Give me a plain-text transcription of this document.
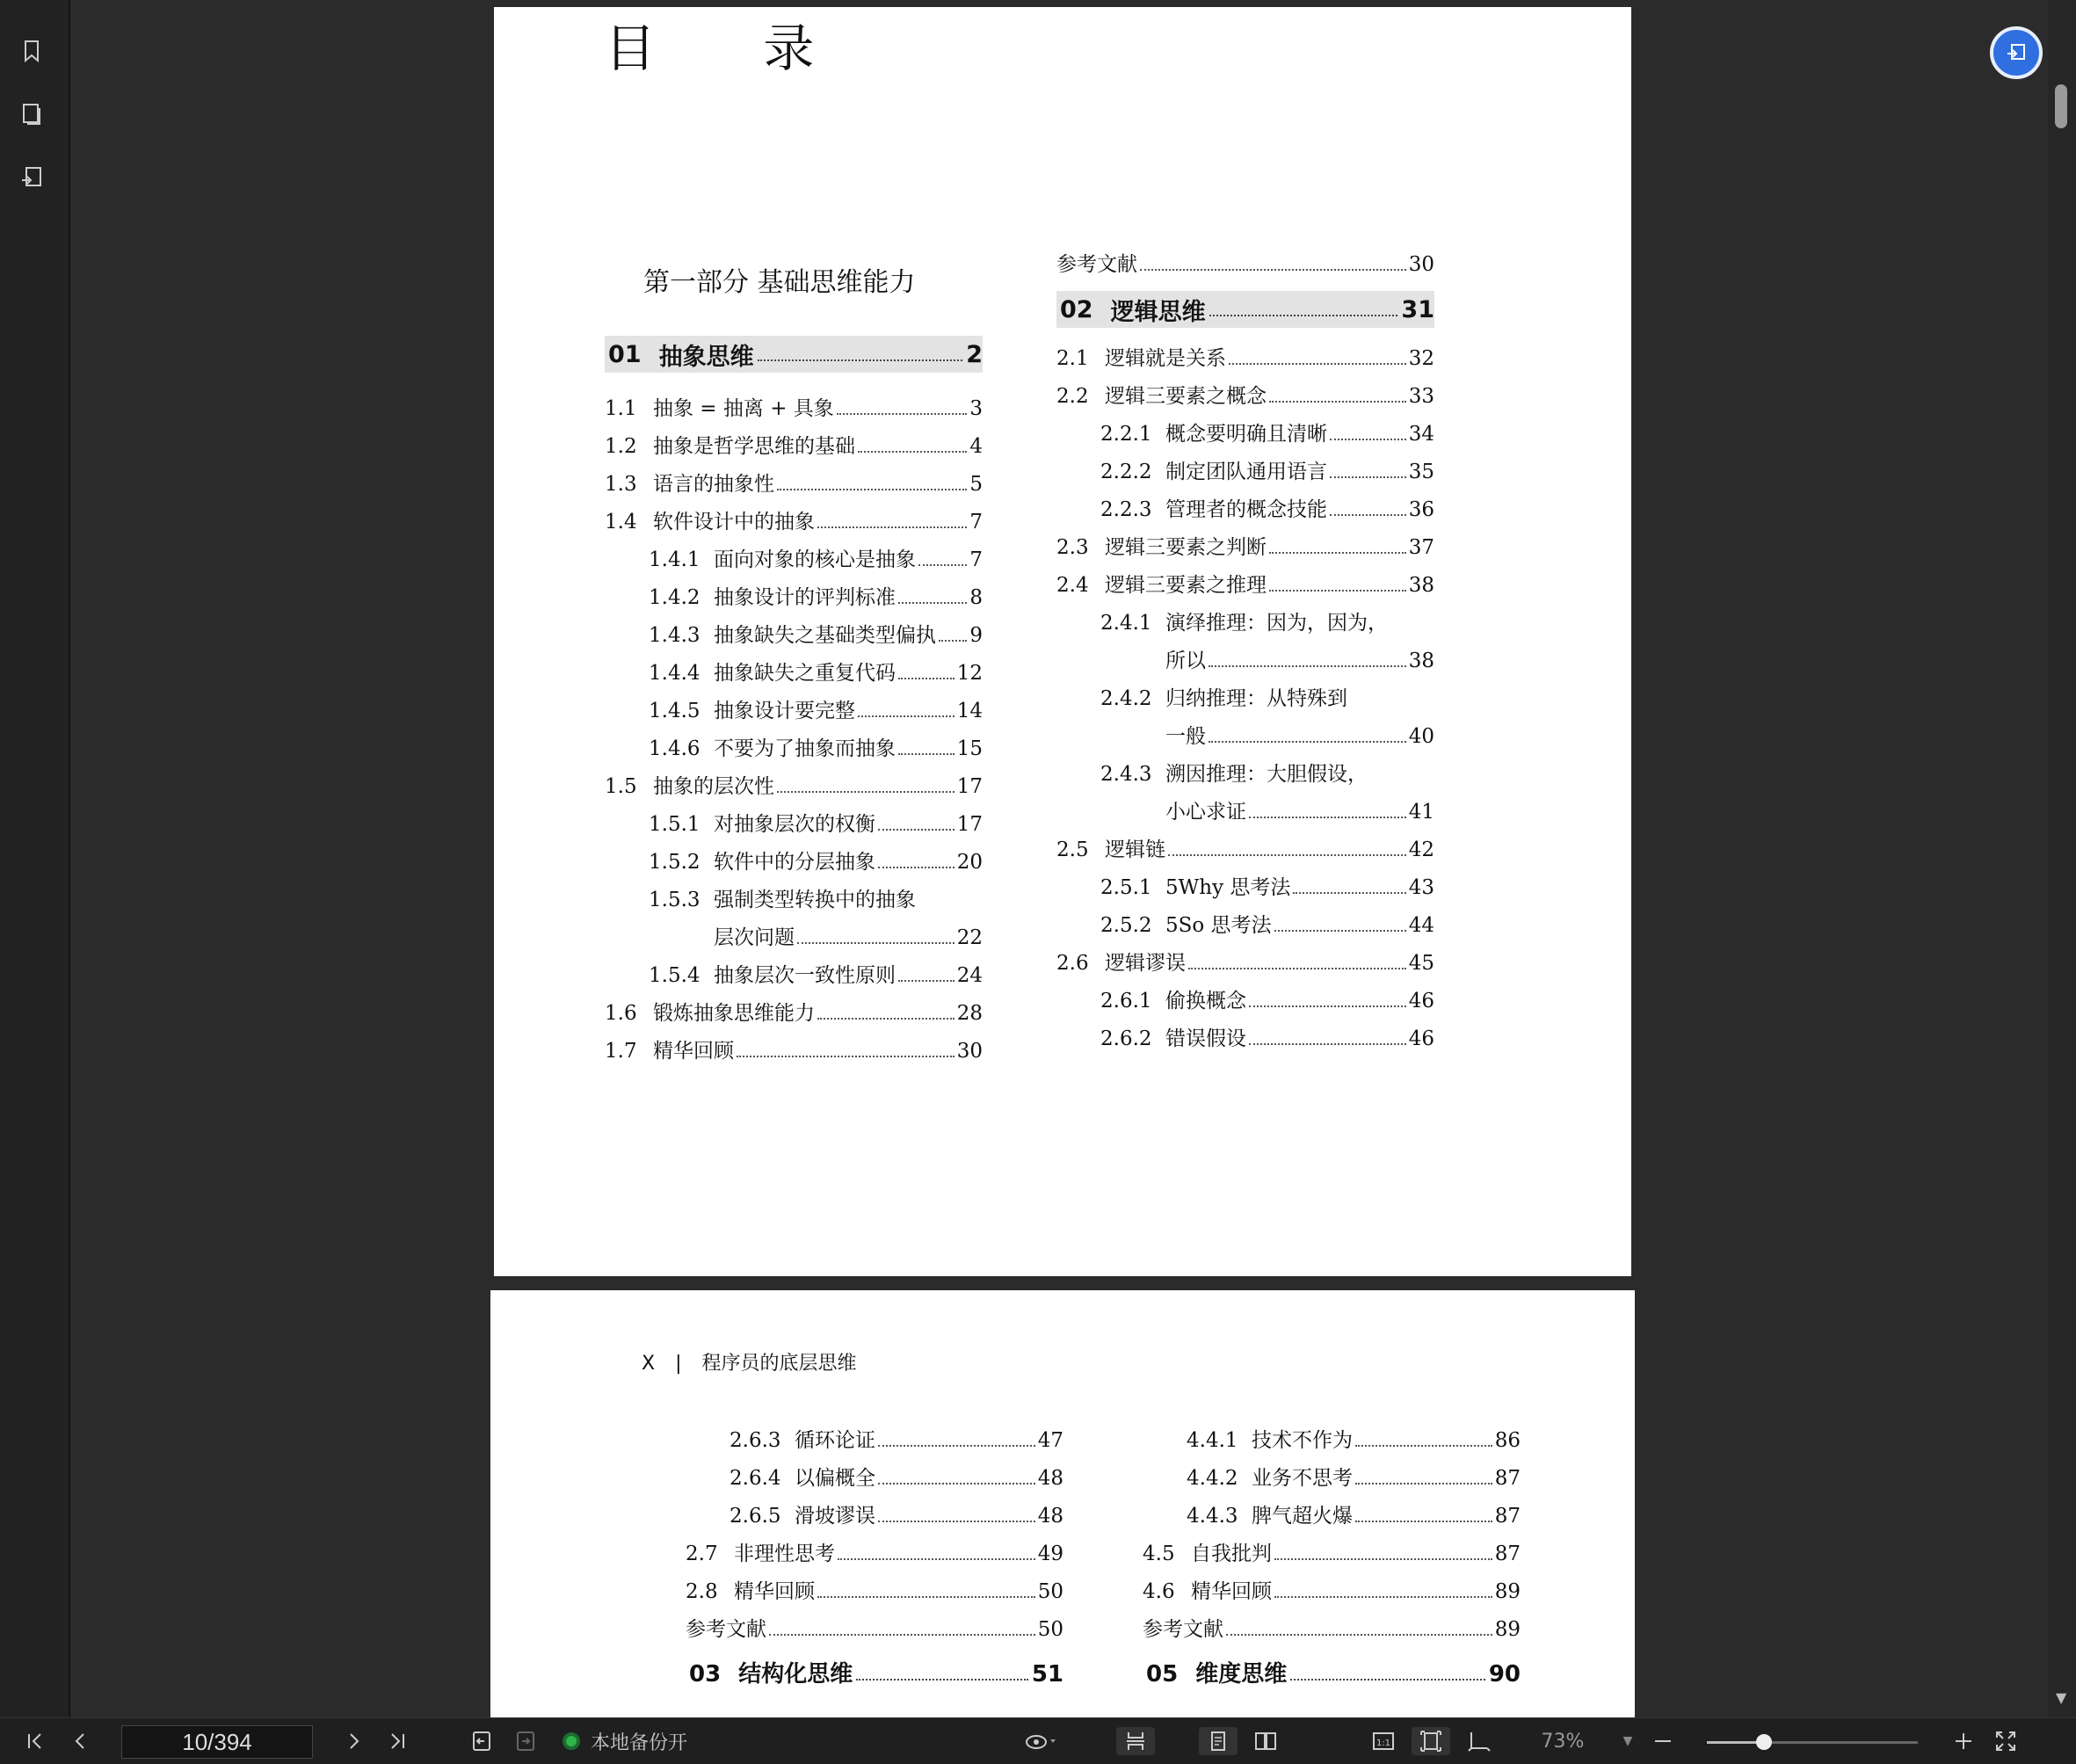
目 录
第一部分 基础思维能力
01 抽象思维	2
1.1 抽象 = 抽离 + 具象	3
1.2 抽象是哲学思维的基础	4
1.3 语言的抽象性	5
1.4 软件设计中的抽象	7
1.4.1 面向对象的核心是抽象	7
1.4.2 抽象设计的评判标准	8
1.4.3 抽象缺失之基础类型偏执 9
1.4.4 抽象缺失之重复代码	12
1.4.5 抽象设计要完整	14
1.4.6 不要为了抽象而抽象	15
1.5 抽象的层次性	17
1.5.1 对抽象层次的权衡	17
1.5.2 软件中的分层抽象	20
1.5.3 强制类型转换中的抽象
层次问题	22
1.5.4 抽象层次一致性原则	24
1.6 锻炼抽象思维能力	28
1.7 精华回顾	30
参考文献	30
02 逻辑思维	31
2.1 逻辑就是关系	32
2.2 逻辑三要素之概念	33
2.2.1 概念要明确且清晰	34
2.2.2 制定团队通用语言	35
2.2.3 管理者的概念技能	36
2.3 逻辑三要素之判断	37
2.4 逻辑三要素之推理	38
2.4.1 演绎推理：因为，因为，
所以	38
2.4.2 归纳推理：从特殊到
一般	40
2.4.3 溯因推理：大胆假设，
小心求证	41
2.5 逻辑链	42
2.5.1 5Why 思考法	43
2.5.2 5So 思考法	44
2.6 逻辑谬误	45
2.6.1 偷换概念	46
2.6.2 错误假设	46
X | 程序员的底层思维
2.6.3 循环论证	47
2.6.4 以偏概全	48
2.6.5 滑坡谬误	48
2.7 非理性思考	49
2.8 精华回顾	50
参考文献	50
03 结构化思维	51
4.4.1 技术不作为	86
4.4.2 业务不思考	87
4.4.3 脾气超火爆	87
4.5 自我批判	87
4.6 精华回顾	89
参考文献	89
05 维度思维	90
▼
10/394	本地备份开	1:1	73%	▼
